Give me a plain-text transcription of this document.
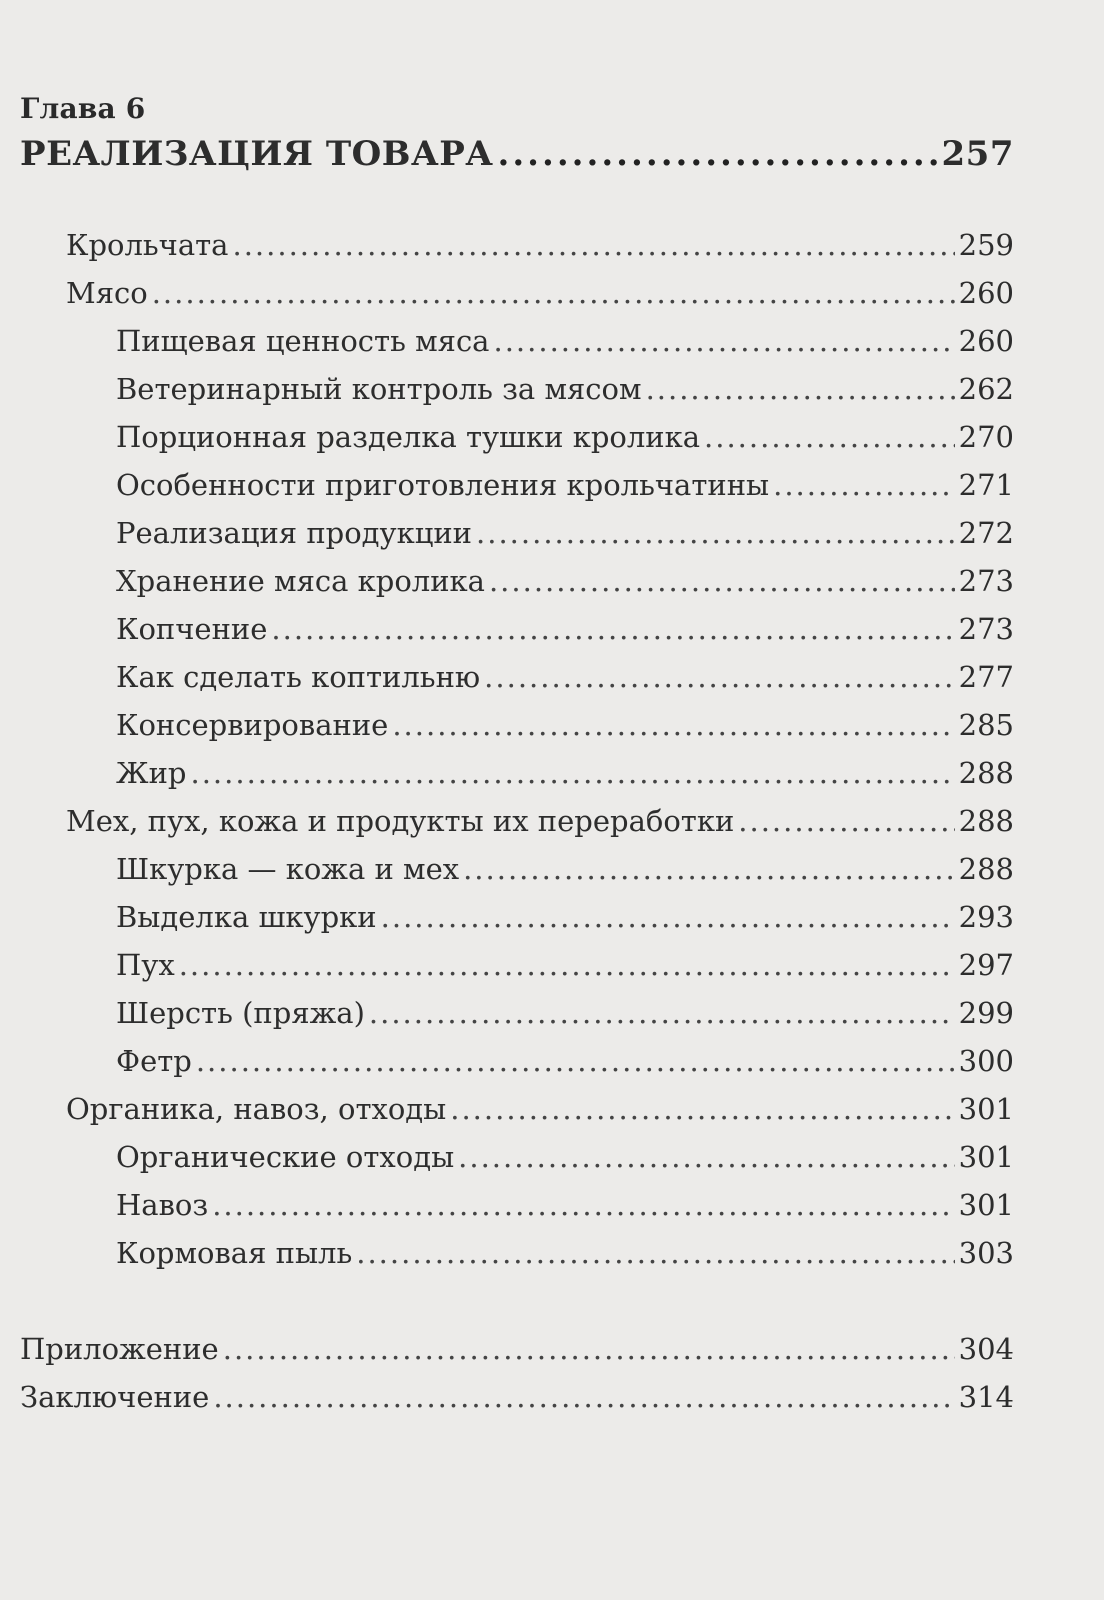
Глава 6
РЕАЛИЗАЦИЯ ТОВАРА .....	257
Крольчата .....	259
Мясо .....	260
Пищевая ценность мяса .....	260
Ветеринарный контроль за мясом .....	262
Порционная разделка тушки кролика .....	270
Особенности приготовления крольчатины .....	271
Реализация продукции .....	272
Хранение мяса кролика .....	273
Копчение .....	273
Как сделать коптильню .....	277
Консервирование .....	285
Жир .....	288
Мех, пух, кожа и продукты их переработки .....	288
Шкурка — кожа и мех .....	288
Выделка шкурки .....	293
Пух .....	297
Шерсть (пряжа) .....	299
Фетр .....	300
Органика, навоз, отходы .....	301
Органические отходы .....	301
Навоз .....	301
Кормовая пыль .....	303
Приложение .....	304
Заключение .....	314
